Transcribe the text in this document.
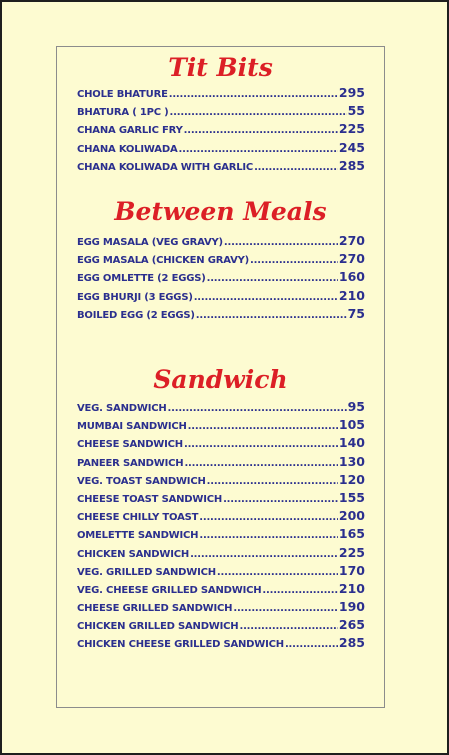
Tit Bits
CHOLE BHATURE .....	295
BHATURA ( 1PC ) .....	55
CHANA GARLIC FRY .....	225
CHANA KOLIWADA .....	245
CHANA KOLIWADA WITH GARLIC .....	285
Between Meals
EGG MASALA (VEG GRAVY) .....	270
EGG MASALA (CHICKEN GRAVY) .....	270
EGG OMLETTE (2 EGGS) .....	160
EGG BHURJI (3 EGGS) .....	210
BOILED EGG (2 EGGS) .....	75
Sandwich
VEG. SANDWICH .....	95
MUMBAI SANDWICH .....	105
CHEESE SANDWICH .....	140
PANEER SANDWICH .....	130
VEG. TOAST SANDWICH .....	120
CHEESE TOAST SANDWICH .....	155
CHEESE CHILLY TOAST .....	200
OMELETTE SANDWICH .....	165
CHICKEN SANDWICH .....	225
VEG. GRILLED SANDWICH .....	170
VEG. CHEESE GRILLED SANDWICH .....	210
CHEESE GRILLED SANDWICH .....	190
CHICKEN GRILLED SANDWICH .....	265
CHICKEN CHEESE GRILLED SANDWICH .....	285
